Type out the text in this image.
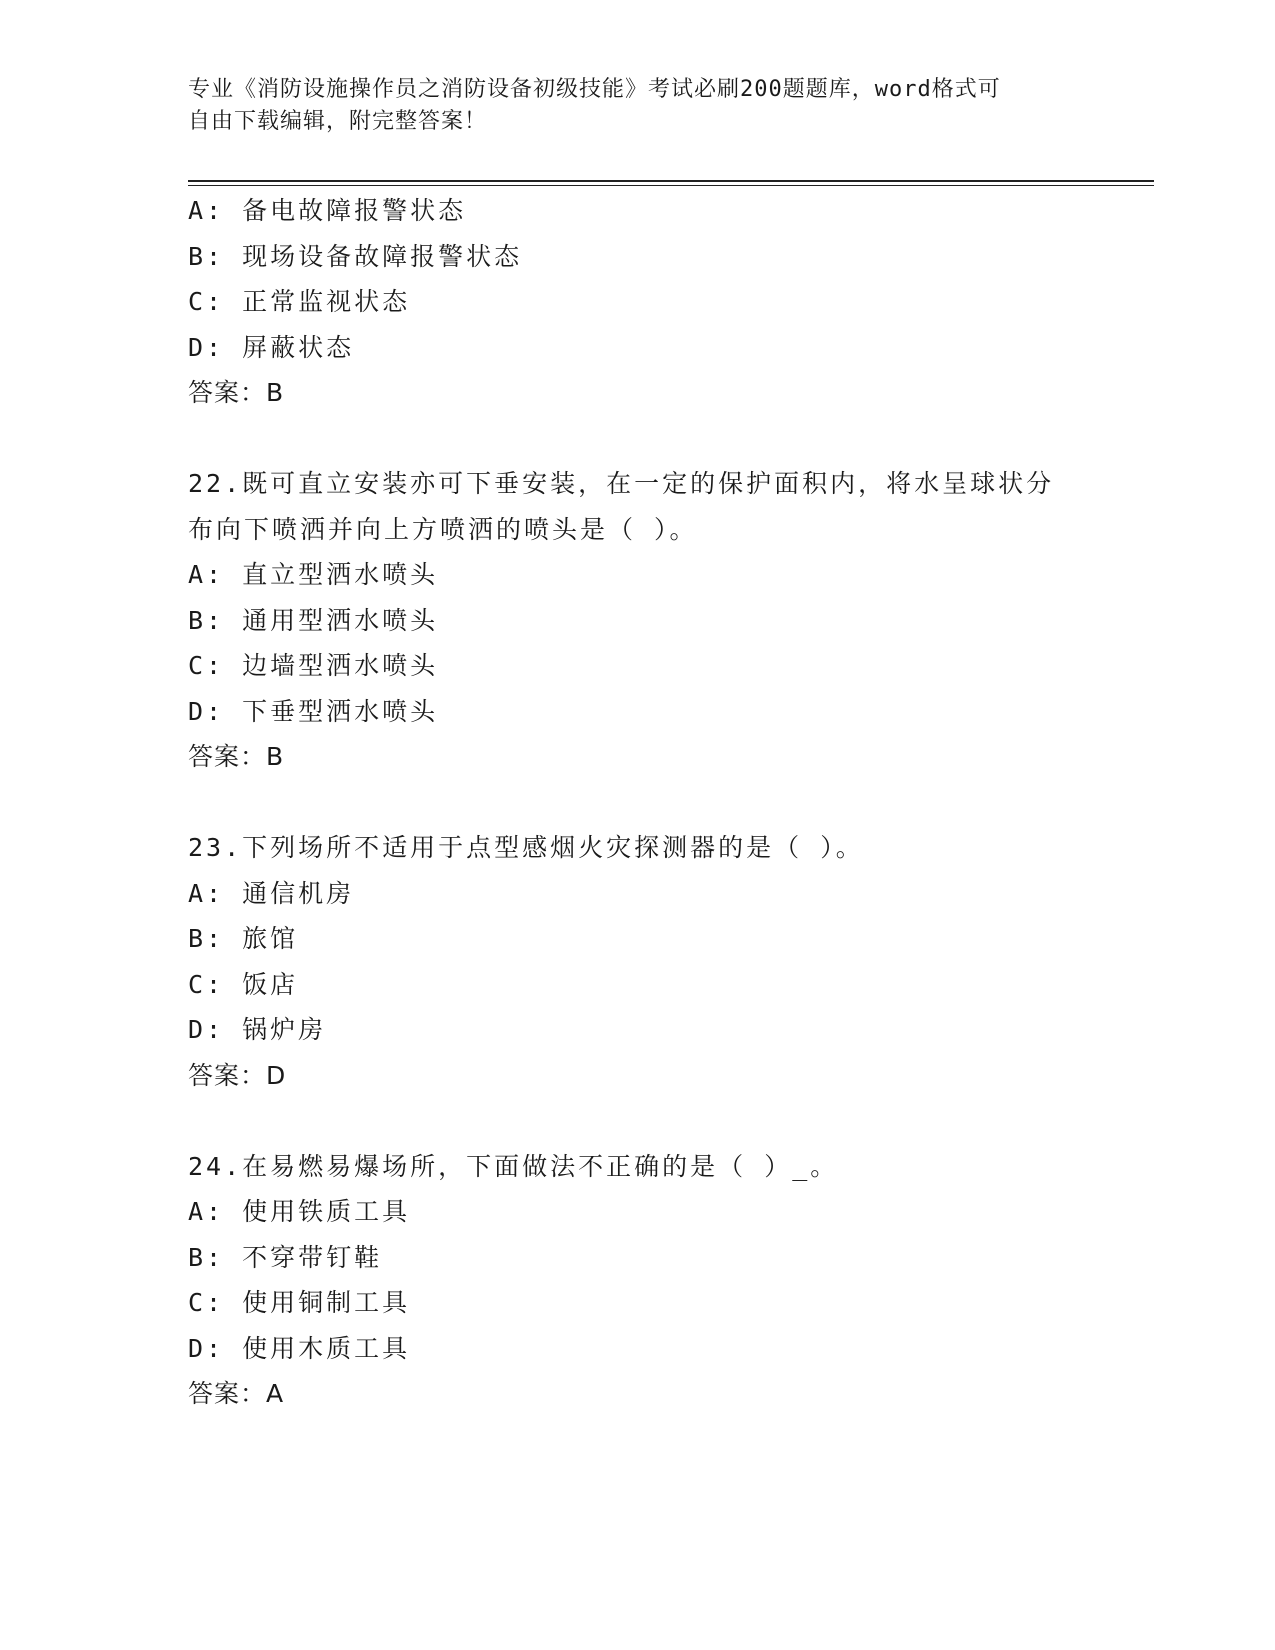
专业《消防设施操作员之消防设备初级技能》考试必刷200题题库，word格式可
自由下载编辑，附完整答案！
A: 备电故障报警状态
B: 现场设备故障报警状态
C: 正常监视状态
D: 屏蔽状态
答案：B
22.既可直立安装亦可下垂安装，在一定的保护面积内，将水呈球状分
布向下喷洒并向上方喷洒的喷头是（ ）。
A: 直立型洒水喷头
B: 通用型洒水喷头
C: 边墙型洒水喷头
D: 下垂型洒水喷头
答案：B
23.下列场所不适用于点型感烟火灾探测器的是（ ）。
A: 通信机房
B: 旅馆
C: 饭店
D: 锅炉房
答案：D
24.在易燃易爆场所，下面做法不正确的是（ ）_。
A: 使用铁质工具
B: 不穿带钉鞋
C: 使用铜制工具
D: 使用木质工具
答案：A
